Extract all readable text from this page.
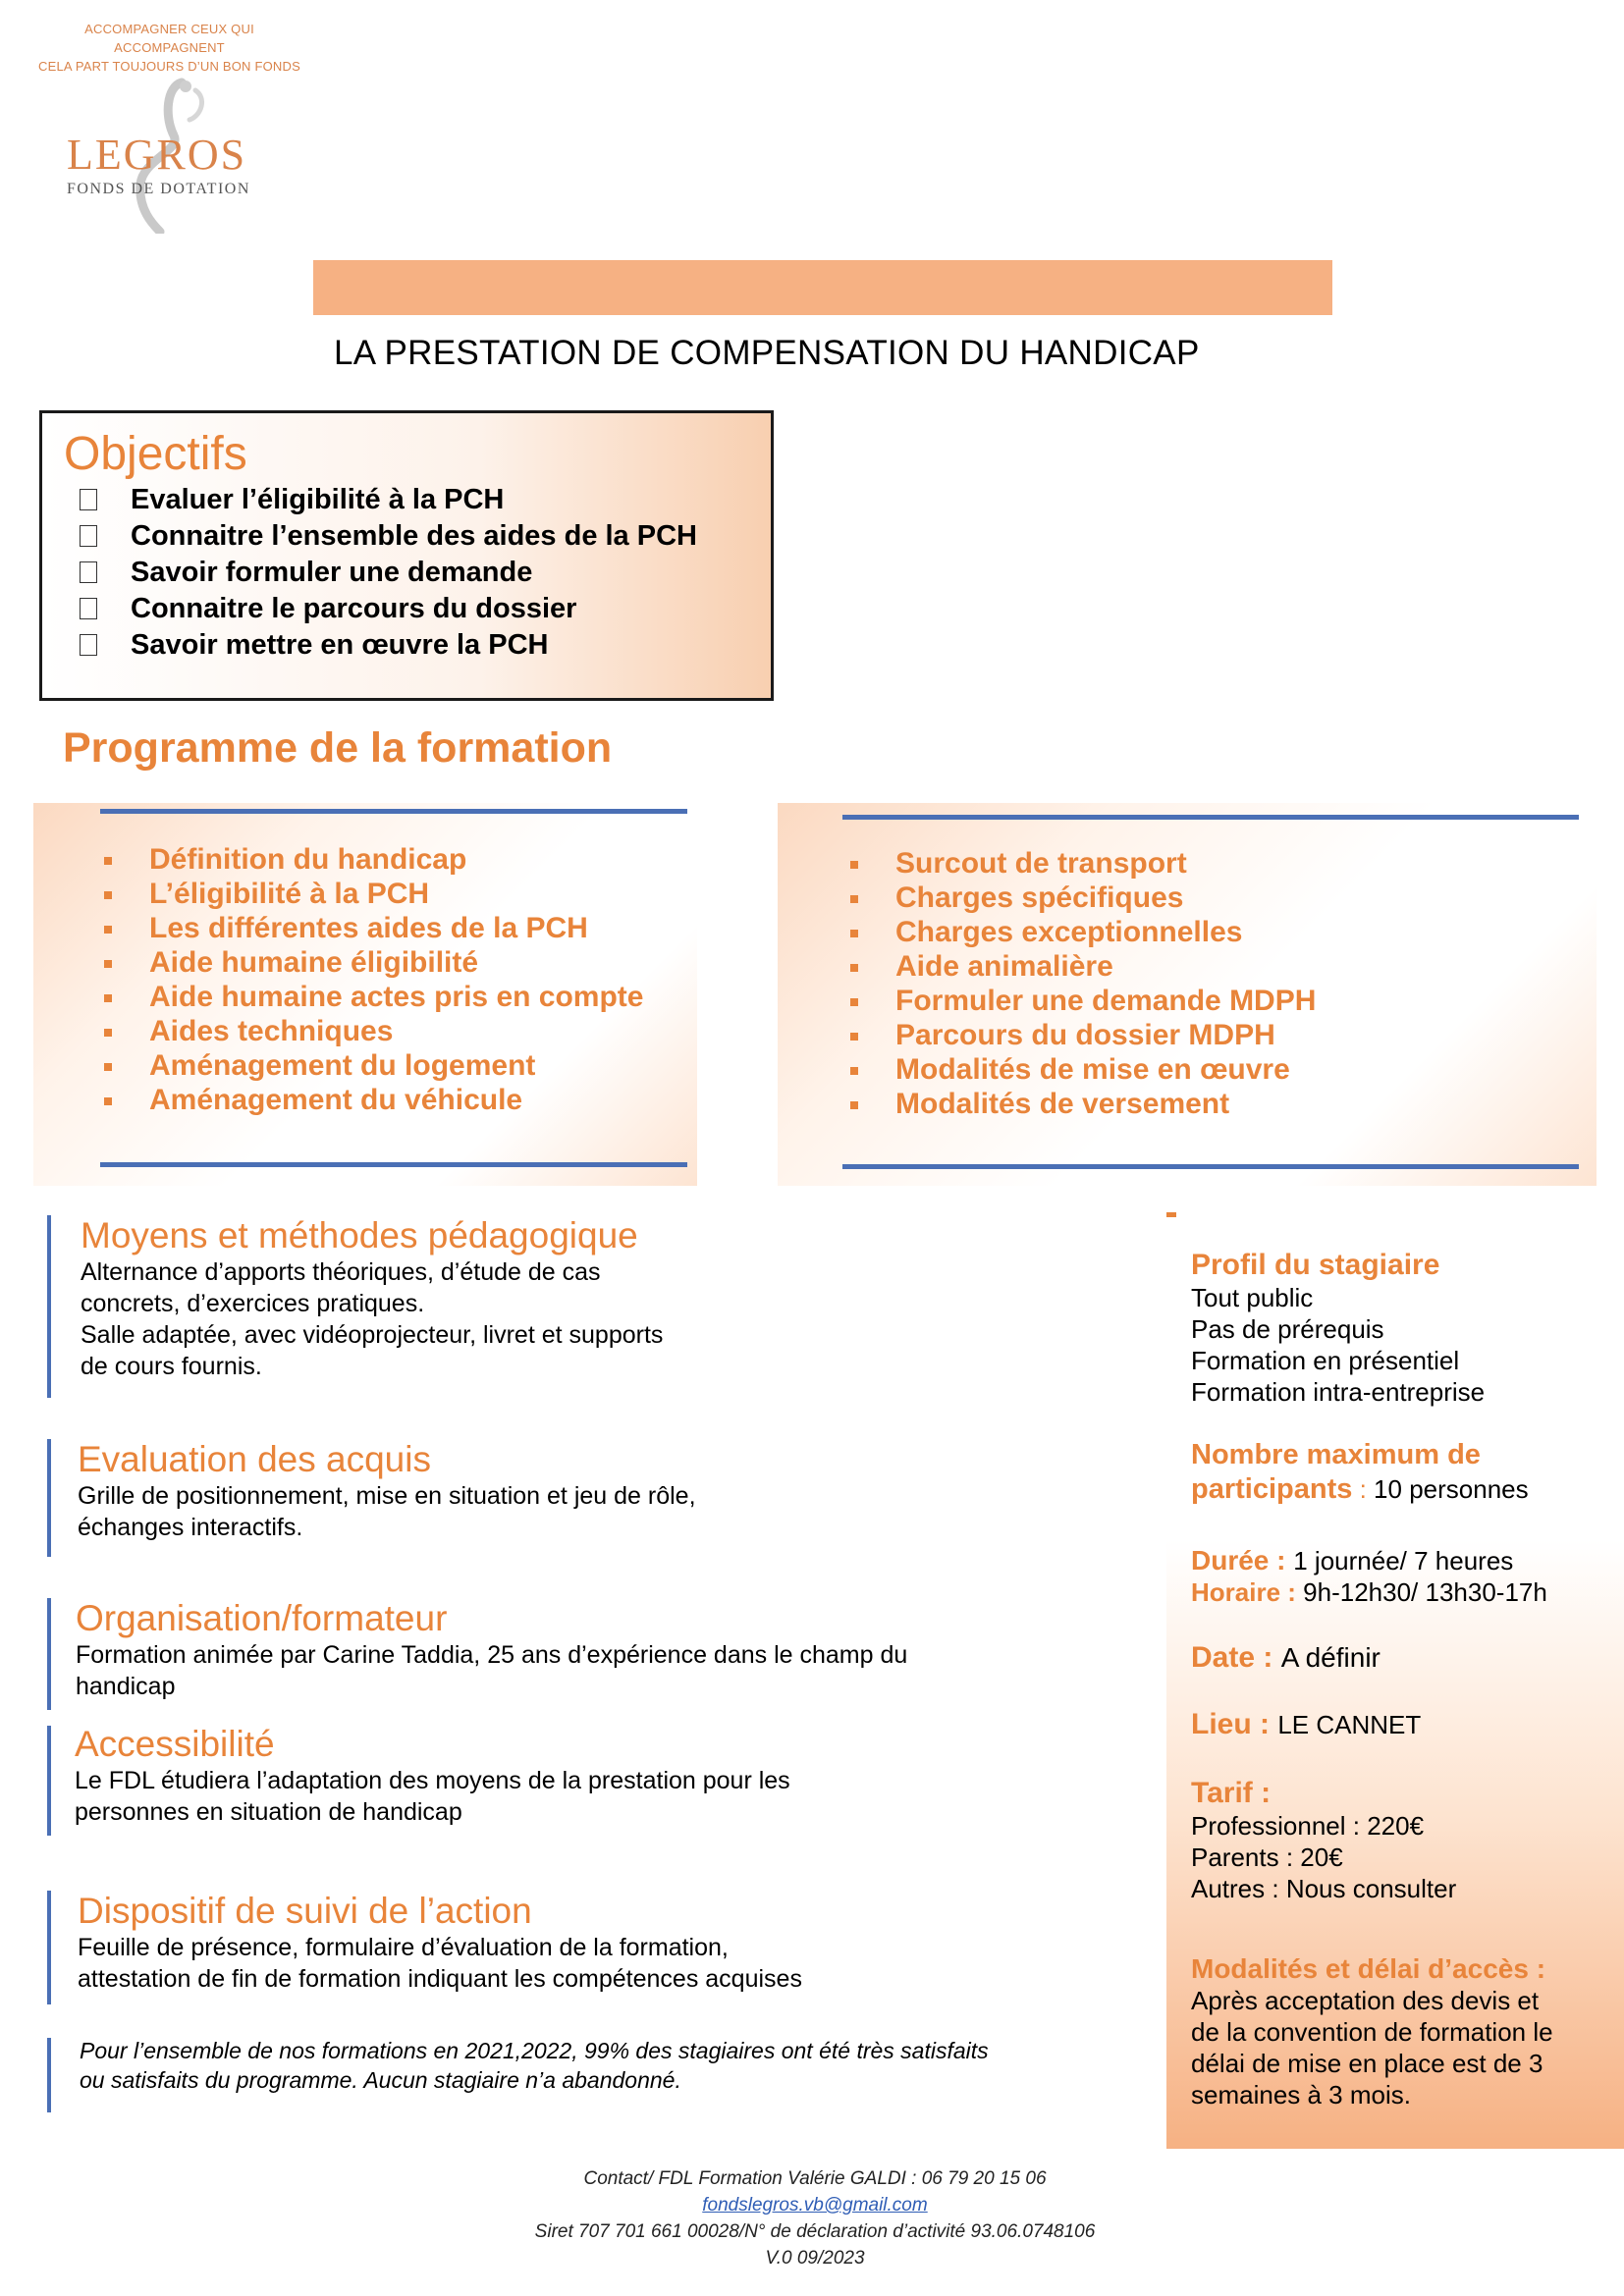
ACCOMPAGNER CEUX QUI ACCOMPAGNENT
CELA PART TOUJOURS D’UN BON FONDS
LEGROS
FONDS DE DOTATION
LA PRESTATION DE COMPENSATION DU HANDICAP
Objectifs
Evaluer l’éligibilité à la PCH
Connaitre l’ensemble des aides de la PCH
Savoir formuler une demande
Connaitre le parcours du dossier
Savoir mettre en œuvre la PCH
Programme de la formation
Définition du handicap
L’éligibilité à la PCH
Les différentes aides de la PCH
Aide humaine éligibilité
Aide humaine actes pris en compte
Aides techniques
Aménagement du logement
Aménagement du véhicule
Surcout de transport
Charges spécifiques
Charges exceptionnelles
Aide animalière
Formuler une demande MDPH
Parcours du dossier MDPH
Modalités de mise en œuvre
Modalités de versement
Moyens et méthodes pédagogique

Alternance d’apports théoriques, d’étude de cas

concrets, d’exercices pratiques.

Salle adaptée, avec vidéoprojecteur, livret et supports

de cours fournis.

Evaluation des acquis

Grille de positionnement, mise en situation et jeu de rôle,

échanges interactifs.

Organisation/formateur

Formation animée par Carine Taddia, 25 ans d’expérience dans le champ du

handicap

Accessibilité

Le FDL étudiera l’adaptation des moyens de la prestation pour les

personnes en situation de handicap

Dispositif de suivi de l’action

Feuille de présence, formulaire d’évaluation de la formation,

attestation de fin de formation indiquant les compétences acquises

Pour l’ensemble de nos formations en 2021,2022, 99% des stagiaires ont été très satisfaits
ou satisfaits du programme. Aucun stagiaire n’a abandonné.
Profil du stagiaire
Tout public
Pas de prérequis
Formation en présentiel
Formation intra-entreprise
Nombre maximum de
participants : 10 personnes
Durée : 1 journée/ 7 heures
Horaire : 9h-12h30/ 13h30-17h
Date : A définir
Lieu : LE CANNET
Tarif :
Professionnel : 220€
Parents : 20€
Autres : Nous consulter
Modalités et délai d’accès :
Après acceptation des devis et
de la convention de formation le
délai de mise en place est de 3
semaines à 3 mois.
Contact/ FDL Formation Valérie GALDI : 06 79 20 15 06
fondslegros.vb@gmail.com
Siret 707 701 661 00028/N° de déclaration d’activité 93.06.0748106
V.0 09/2023
